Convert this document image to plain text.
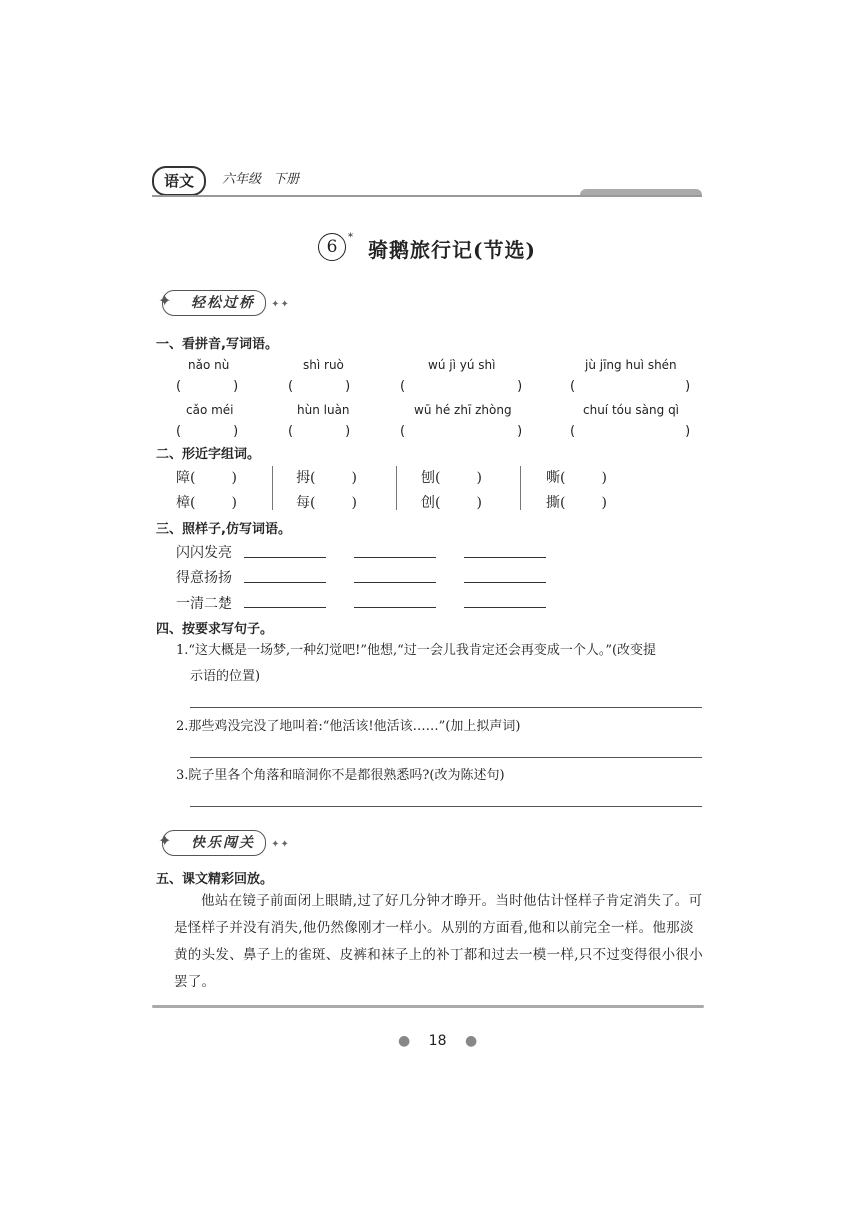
语文	六年级 下册
6	*
骑鹅旅行记(节选)
✦ 轻松过桥 ✦✦
一、看拼音,写词语。
nǎo nù	shì ruò	wú jì yú shì	jù jīng huì shén
(	)	(	)	(	)	(	)
cǎo méi	hùn luàn	wū hé zhī zhòng	chuí tóu sàng qì
(	)	(	)	(	)	(	)
二、形近字组词。
障(	)	拇(	)	刨(	)	嘶(	)
樟(	)	每(	)	创(	)	撕(	)
三、照样子,仿写词语。
闪闪发亮
得意扬扬
一清二楚
四、按要求写句子。
1.“这大概是一场梦,一种幻觉吧!”他想,“过一会儿我肯定还会再变成一个人。”(改变提
示语的位置)
2.那些鸡没完没了地叫着:“他活该!他活该……”(加上拟声词)
3.院子里各个角落和暗洞你不是都很熟悉吗?(改为陈述句)
✦ 快乐闯关 ✦✦
五、课文精彩回放。
他站在镜子前面闭上眼睛,过了好几分钟才睁开。当时他估计怪样子肯定消失了。可是怪样子并没有消失,他仍然像刚才一样小。从别的方面看,他和以前完全一样。他那淡黄的头发、鼻子上的雀斑、皮裤和袜子上的补丁都和过去一模一样,只不过变得很小很小罢了。
● 18 ●
